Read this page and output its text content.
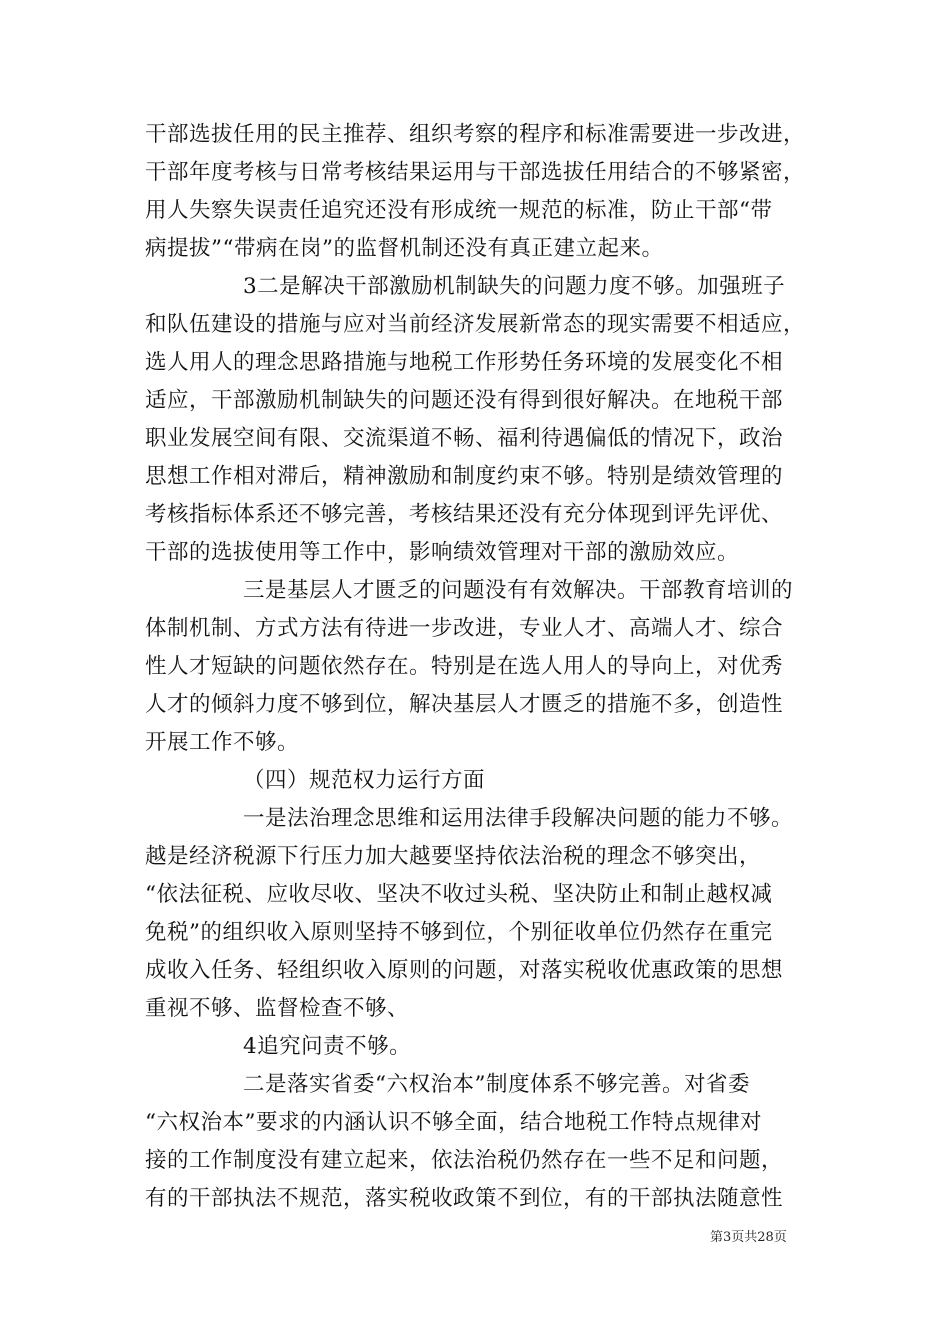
干部选拔任用的民主推荐、组织考察的程序和标准需要进一步改进，
干部年度考核与日常考核结果运用与干部选拔任用结合的不够紧密，
用人失察失误责任追究还没有形成统一规范的标准，防止干部“带
病提拔”“带病在岗”的监督机制还没有真正建立起来。
3二是解决干部激励机制缺失的问题力度不够。加强班子
和队伍建设的措施与应对当前经济发展新常态的现实需要不相适应，
选人用人的理念思路措施与地税工作形势任务环境的发展变化不相
适应，干部激励机制缺失的问题还没有得到很好解决。在地税干部
职业发展空间有限、交流渠道不畅、福利待遇偏低的情况下，政治
思想工作相对滞后，精神激励和制度约束不够。特别是绩效管理的
考核指标体系还不够完善，考核结果还没有充分体现到评先评优、
干部的选拔使用等工作中，影响绩效管理对干部的激励效应。
三是基层人才匮乏的问题没有有效解决。干部教育培训的
体制机制、方式方法有待进一步改进，专业人才、高端人才、综合
性人才短缺的问题依然存在。特别是在选人用人的导向上，对优秀
人才的倾斜力度不够到位，解决基层人才匮乏的措施不多，创造性
开展工作不够。
（四）规范权力运行方面
一是法治理念思维和运用法律手段解决问题的能力不够。
越是经济税源下行压力加大越要坚持依法治税的理念不够突出，
“依法征税、应收尽收、坚决不收过头税、坚决防止和制止越权减
免税”的组织收入原则坚持不够到位，个别征收单位仍然存在重完
成收入任务、轻组织收入原则的问题，对落实税收优惠政策的思想
重视不够、监督检查不够、
4追究问责不够。
二是落实省委“六权治本”制度体系不够完善。对省委
“六权治本”要求的内涵认识不够全面，结合地税工作特点规律对
接的工作制度没有建立起来，依法治税仍然存在一些不足和问题，
有的干部执法不规范，落实税收政策不到位，有的干部执法随意性
第3页共28页
